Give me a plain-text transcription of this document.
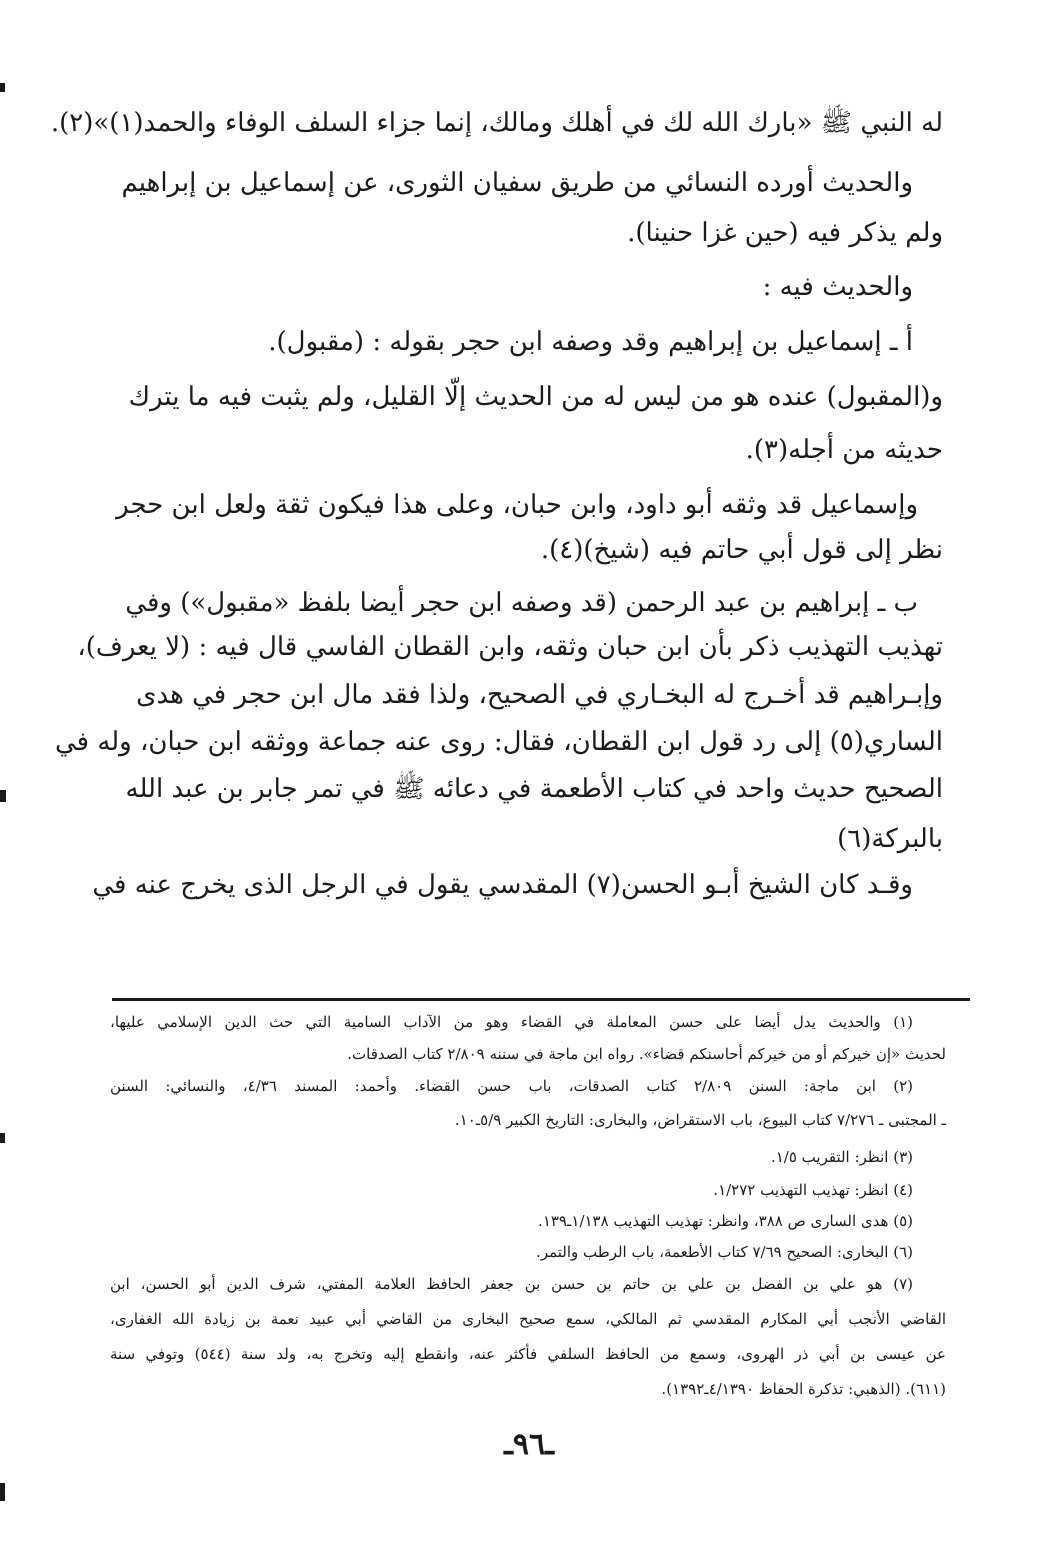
له النبي ﷺ «بارك الله لك في أهلك ومالك، إنما جزاء السلف الوفاء والحمد(١)»(٢).
والحديث أورده النسائي من طريق سفيان الثورى، عن إسماعيل بن إبراهيم
ولم يذكر فيه (حين غزا حنينا).
والحديث فيه :
أ ـ إسماعيل بن إبراهيم وقد وصفه ابن حجر بقوله : (مقبول).
و(المقبول) عنده هو من ليس له من الحديث إلّا القليل، ولم يثبت فيه ما يترك
حديثه من أجله(٣).
وإسماعيل قد وثقه أبو داود، وابن حبان، وعلى هذا فيكون ثقة ولعل ابن حجر
نظر إلى قول أبي حاتم فيه (شيخ)(٤).
ب ـ إبراهيم بن عبد الرحمن (قد وصفه ابن حجر أيضا بلفظ «مقبول») وفي
تهذيب التهذيب ذكر بأن ابن حبان وثقه، وابن القطان الفاسي قال فيه : (لا يعرف)،
وإبـراهيم قد أخـرج له البخـاري في الصحيح، ولذا فقد مال ابن حجر في هدى
الساري(٥) إلى رد قول ابن القطان، فقال: روى عنه جماعة ووثقه ابن حبان، وله في
الصحيح حديث واحد في كتاب الأطعمة في دعائه ﷺ في تمر جابر بن عبد الله
بالبركة(٦)
وقـد كان الشيخ أبـو الحسن(٧) المقدسي يقول في الرجل الذى يخرج عنه في
(١) والحديث يدل أيضا على حسن المعاملة في القضاء وهو من الآداب السامية التي حث الدين الإسلامي عليها،
لحديث «إن خيركم أو من خيركم أحاسنكم قضاء». رواه ابن ماجة في سننه ٢/٨٠٩ كتاب الصدقات.
(٢) ابن ماجة: السنن ٢/٨٠٩ كتاب الصدقات، باب حسن القضاء. وأحمد: المسند ٤/٣٦، والنسائي: السنن
ـ المجتبى ـ ٧/٢٧٦ كتاب البيوع، باب الاستقراض، والبخارى: التاريخ الكبير ٥/٩ـ١٠.
(٣) انظر: التقريب ١/٥.
(٤) انظر: تهذيب التهذيب ١/٢٧٢.
(٥) هدى السارى ص ٣٨٨، وانظر: تهذيب التهذيب ١/١٣٨ـ١٣٩.
(٦) البخارى: الصحيح ٧/٦٩ كتاب الأطعمة، باب الرطب والتمر.
(٧) هو علي بن الفضل بن علي بن حاتم بن حسن بن جعفر الحافظ العلامة المفتي، شرف الدين أبو الحسن، ابن
القاضي الأنجب أبي المكارم المقدسي ثم المالكي، سمع صحيح البخارى من القاضي أبي عبيد نعمة بن زيادة الله الغفارى،
عن عيسى بن أبي ذر الهروى، وسمع من الحافظ السلفي فأكثر عنه، وانقطع إليه وتخرج به، ولد سنة (٥٤٤) وتوفي سنة
(٦١١). (الذهبي: تذكرة الحفاظ ٤/١٣٩٠ـ١٣٩٢).
ـ٩٦ـ
